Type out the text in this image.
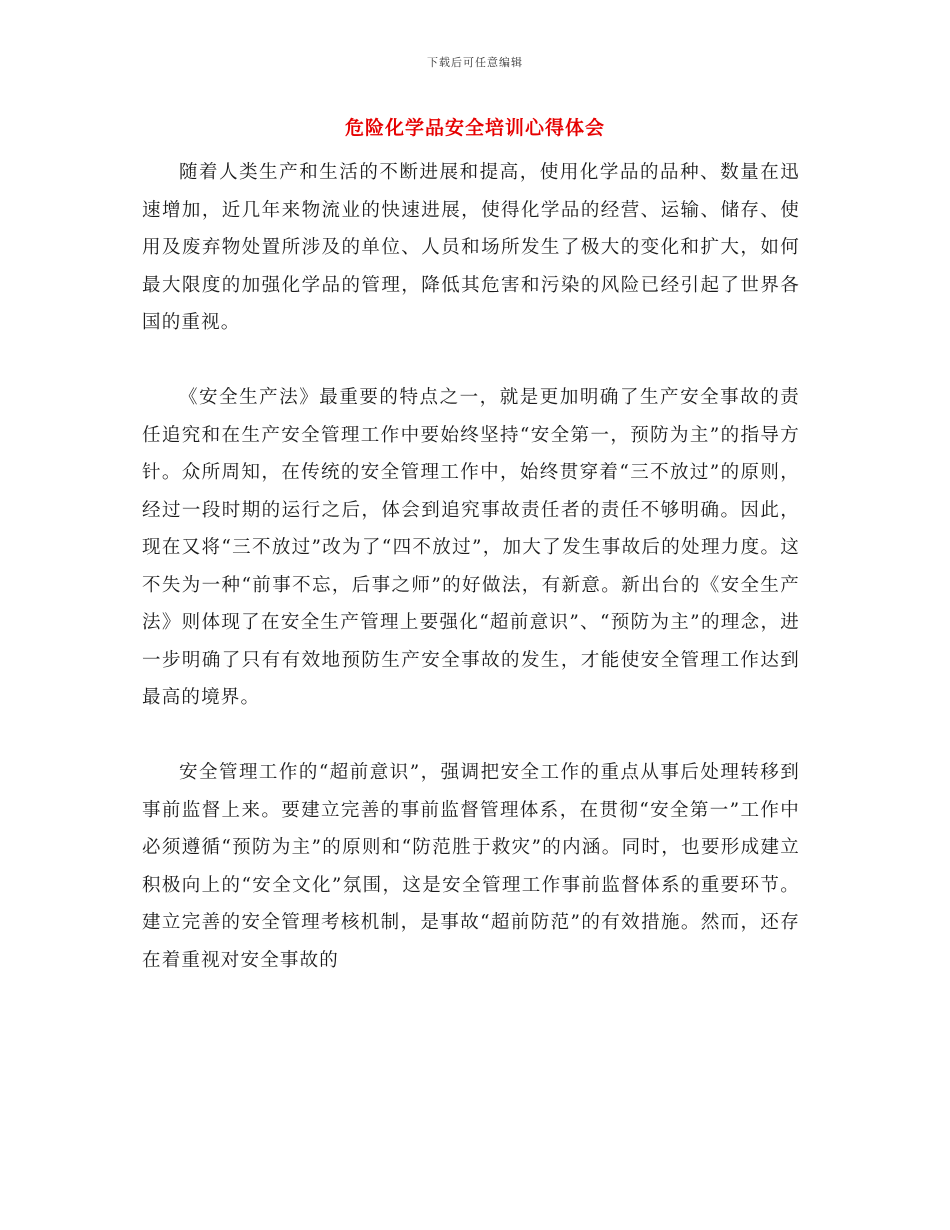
下载后可任意编辑
危险化学品安全培训心得体会

随着人类生产和生活的不断进展和提高，使用化学品的品种、数量在迅速增加，近几年来物流业的快速进展，使得化学品的经营、运输、储存、使用及废弃物处置所涉及的单位、人员和场所发生了极大的变化和扩大，如何最大限度的加强化学品的管理，降低其危害和污染的风险已经引起了世界各国的重视。

《安全生产法》最重要的特点之一，就是更加明确了生产安全事故的责任追究和在生产安全管理工作中要始终坚持“安全第一，预防为主”的指导方针。众所周知，在传统的安全管理工作中，始终贯穿着“三不放过”的原则，经过一段时期的运行之后，体会到追究事故责任者的责任不够明确。因此，现在又将“三不放过”改为了“四不放过”，加大了发生事故后的处理力度。这不失为一种“前事不忘，后事之师”的好做法，有新意。新出台的《安全生产法》则体现了在安全生产管理上要强化“超前意识”、“预防为主”的理念，进一步明确了只有有效地预防生产安全事故的发生，才能使安全管理工作达到最高的境界。

安全管理工作的“超前意识”，强调把安全工作的重点从事后处理转移到事前监督上来。要建立完善的事前监督管理体系，在贯彻“安全第一”工作中必须遵循“预防为主”的原则和“防范胜于救灾”的内涵。同时，也要形成建立积极向上的“安全文化”氛围，这是安全管理工作事前监督体系的重要环节。建立完善的安全管理考核机制，是事故“超前防范”的有效措施。然而，还存在着重视对安全事故的
